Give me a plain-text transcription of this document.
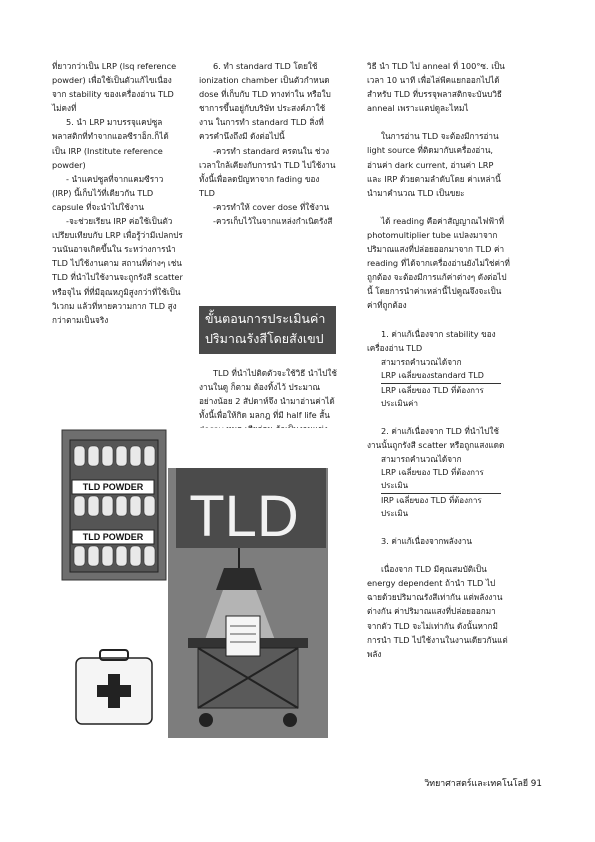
ที่ยาวกว่าเป็น LRP (lsq reference powder) เพื่อใช้เป็นตัวแก้ไขเนื่อง จาก stability ของเครื่องอ่าน TLD ไม่คงที่

5. นำ LRP มาบรรจุแคปซูล พลาสติกที่ทำจากแอลซีราอ็ก.ก็ได้ เป็น IRP (Institute reference powder)

- นำแคปซูลที่จากแคมซีราว (IRP) นี้เก็บไว้ที่เดียวกัน TLD capsule ที่จะนำไปใช้งาน

-จะช่วยเรียน IRP ค่อใช้เป็นตัวเปรียบเทียบกับ LRP เพื่อรู้ว่ามีเปลกปรวนนันอาจเกิดขึ้นใน ระหว่างการนำ TLD ไปใช้งานตาม สถานที่ต่างๆ เช่น TLD ที่นำไปใช้งานจะถูกรังสี scatter หรือจุไน ที่ที่มีอุณหภูมิสูงกว่าที่ใช้เป็นวิเวกม แล้วที่หายความกาก TLD สูงกว่าตามเป็นจริง

6. ทำ standard TLD โดยใช้ ionization chamber เป็นตัวกำหนด dose ที่เก็บกับ TLD ทางท่าใน หรือใบชาการขึ้นอยู่กับบริษัท ประสงค์ภาใช้งาน ในการทำ standard TLD สิ่งที่ควรคำนึงถึงมี ดังต่อไปนี้

-ควรทำ standard ครตนใน ช่วงเวลาใกล้เคียงกับการนำ TLD ไปใช้งาน ทั้งนี้เพื่อลดปัญหาจาก fading ของ TLD

-ควรทำให้ cover dose ที่ใช้งาน

-ควรเก็บไว้ในจากแหล่งกำเนิดรังสี

ขั้นตอนการประเมินค่าปริมาณรังสีโดยสังเขป

TLD ที่นำไปติดตัวจะใช้วิธี นำไปใช้งานในดู ก็ตาม ต้องทิ้งไว้ ประมาณอย่างน้อย 2 สัปดาห์จึง นำมาอ่านค่าได้ ทั้งนี้เพื่อให้กิด มลกฎ ที่มี half life สั้น

วิธี นำ TLD ไป anneal ที่ 100°ซ. เป็นเวลา 10 นาที เพื่อไล่พีคแยกออกไปได้ สำหรับ TLD ที่บรรจุพลาสติกจะบันบวิธี anneal เพราะแตปดูละไหมไ

ในการอ่าน TLD จะต้องมีการอ่าน light source ที่ติดมากับเครื่องอ่าน, อ่านค่า dark current, อ่านค่า LRP และ IRP ด้วยตามลำดับโดย ค่าเหล่านี้นำมาคำนวณ TLD เป็นขยะ

ได้ reading คือค่าสัญญาณไฟฟ้าที่ photomultiplier tube แปลงมาจากปริมาณแสงที่ปล่อยออกมาจาก TLD ค่า reading ที่ได้จากเครื่องอ่านยังไม่ใช่ค่าที่ถูกต้อง จะต้องมีการแก้ค่าต่างๆ ดังต่อไปนี้ โดยการนำค่าเหล่านี้ไปคูณจึงจะเป็นค่าที่ถูกต้อง

1. ค่าแก้เนื่องจาก stability ของเครื่องอ่าน TLD

สามารถคำนวณได้จาก

LRP เฉลี่ยของstandard TLD
LRP เฉลี่ยของ TLD ที่ต้องการประเมินค่า

2. ค่าแก้เนื่องจาก TLD ที่นำไปใช้งานนั้นถูกรังสี scatter หรือถูกแสงแดด

สามารถคำนวณได้จาก

LRP เฉลี่ยของ TLD ที่ต้องการประเมิน
IRP เฉลี่ยของ TLD ที่ต้องการประเมิน

3. ค่าแก้เนื่องจากพลังงาน

เนื่องจาก TLD มีคุณสมบัติเป็น energy dependent ถ้านำ TLD ไปฉายด้วยปริมาณรังสีเท่ากัน แต่พลังงานต่างกัน ค่าปริมาณแสงที่ปล่อยออกมาจากตัว TLD จะไม่เท่ากัน ดังนั้นหากมีการนำ TLD ไปใช้งานในงานเดียวกันแต่พลัง

TLD POWDER
TLD POWDER TLD
วิทยาศาสตร์และเทคโนโลยี 91
